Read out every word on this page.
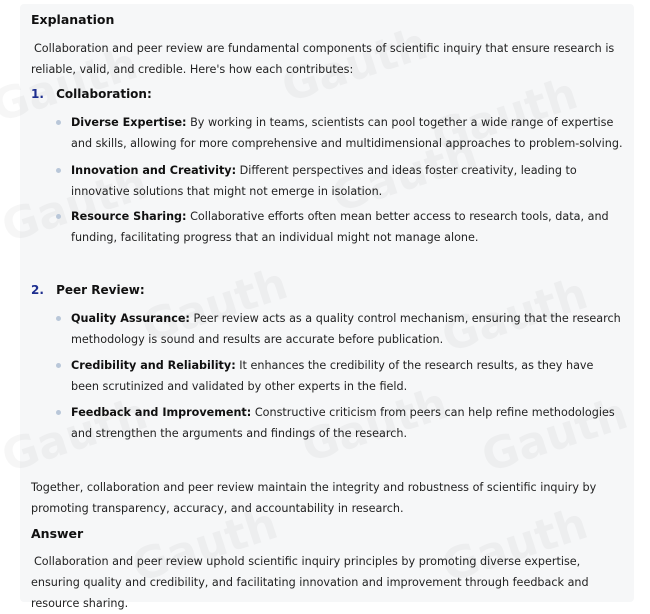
Explanation
Collaboration and peer review are fundamental components of scientific inquiry that ensure research is reliable, valid, and credible. Here's how each contributes:
1. Collaboration:
Diverse Expertise: By working in teams, scientists can pool together a wide range of expertise and skills, allowing for more comprehensive and multidimensional approaches to problem-solving.
Innovation and Creativity: Different perspectives and ideas foster creativity, leading to innovative solutions that might not emerge in isolation.
Resource Sharing: Collaborative efforts often mean better access to research tools, data, and funding, facilitating progress that an individual might not manage alone.
2. Peer Review:
Quality Assurance: Peer review acts as a quality control mechanism, ensuring that the research methodology is sound and results are accurate before publication.
Credibility and Reliability: It enhances the credibility of the research results, as they have been scrutinized and validated by other experts in the field.
Feedback and Improvement: Constructive criticism from peers can help refine methodologies and strengthen the arguments and findings of the research.
Together, collaboration and peer review maintain the integrity and robustness of scientific inquiry by promoting transparency, accuracy, and accountability in research.
Answer
Collaboration and peer review uphold scientific inquiry principles by promoting diverse expertise, ensuring quality and credibility, and facilitating innovation and improvement through feedback and resource sharing.
